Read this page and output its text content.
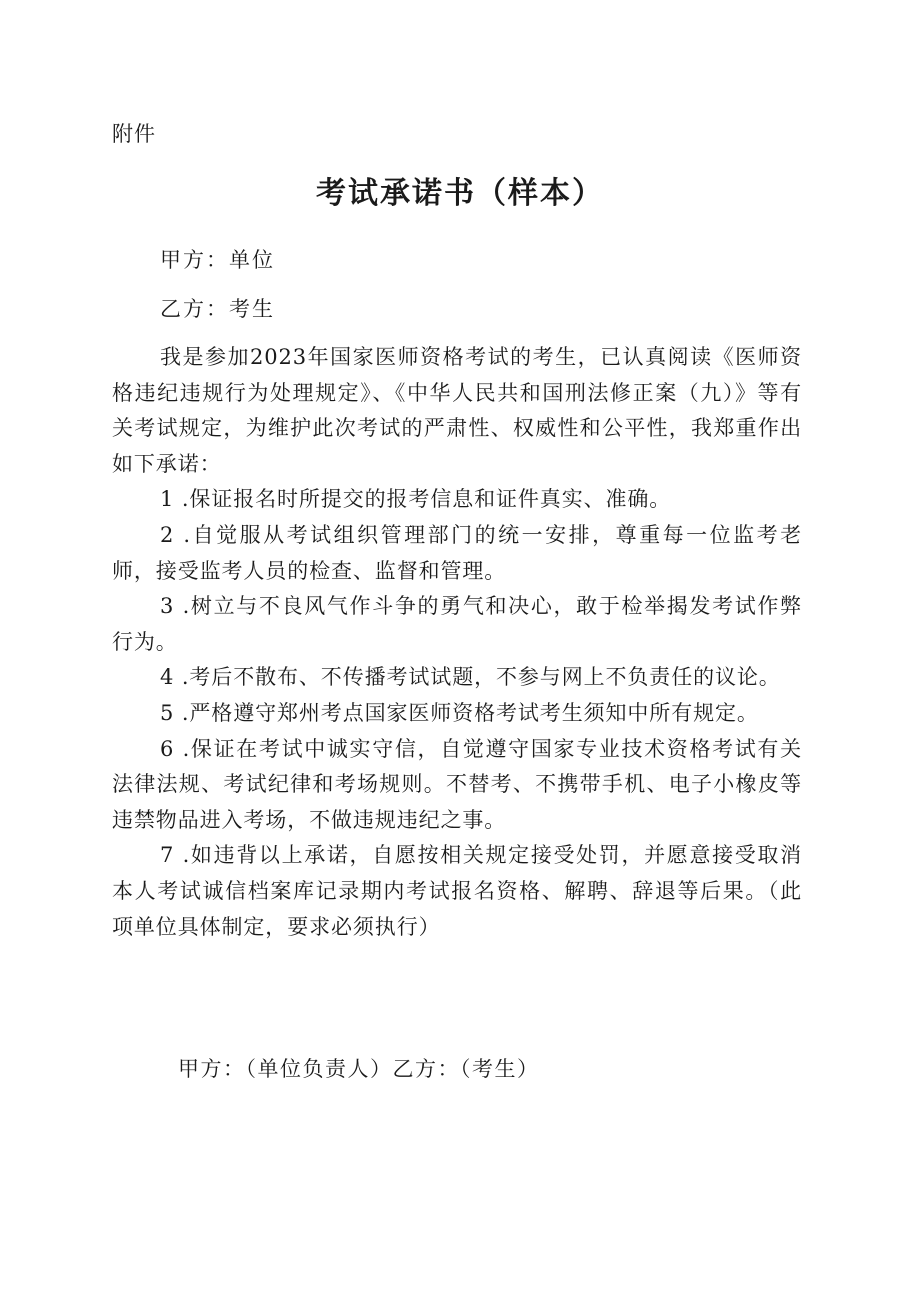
附件
考试承诺书（样本）
甲方：单位
乙方：考生

我是参加2023年国家医师资格考试的考生，已认真阅读《医师资格违纪违规行为处理规定》、《中华人民共和国刑法修正案（九）》等有关考试规定，为维护此次考试的严肃性、权威性和公平性，我郑重作出如下承诺：

1 .保证报名时所提交的报考信息和证件真实、准确。

2 .自觉服从考试组织管理部门的统一安排，尊重每一位监考老师，接受监考人员的检查、监督和管理。

3 .树立与不良风气作斗争的勇气和决心，敢于检举揭发考试作弊行为。

4 .考后不散布、不传播考试试题，不参与网上不负责任的议论。

5 .严格遵守郑州考点国家医师资格考试考生须知中所有规定。

6 .保证在考试中诚实守信，自觉遵守国家专业技术资格考试有关法律法规、考试纪律和考场规则。不替考、不携带手机、电子小橡皮等违禁物品进入考场，不做违规违纪之事。

7 .如违背以上承诺，自愿按相关规定接受处罚，并愿意接受取消本人考试诚信档案库记录期内考试报名资格、解聘、辞退等后果。（此项单位具体制定，要求必须执行）

甲方：（单位负责人）乙方：（考生）
